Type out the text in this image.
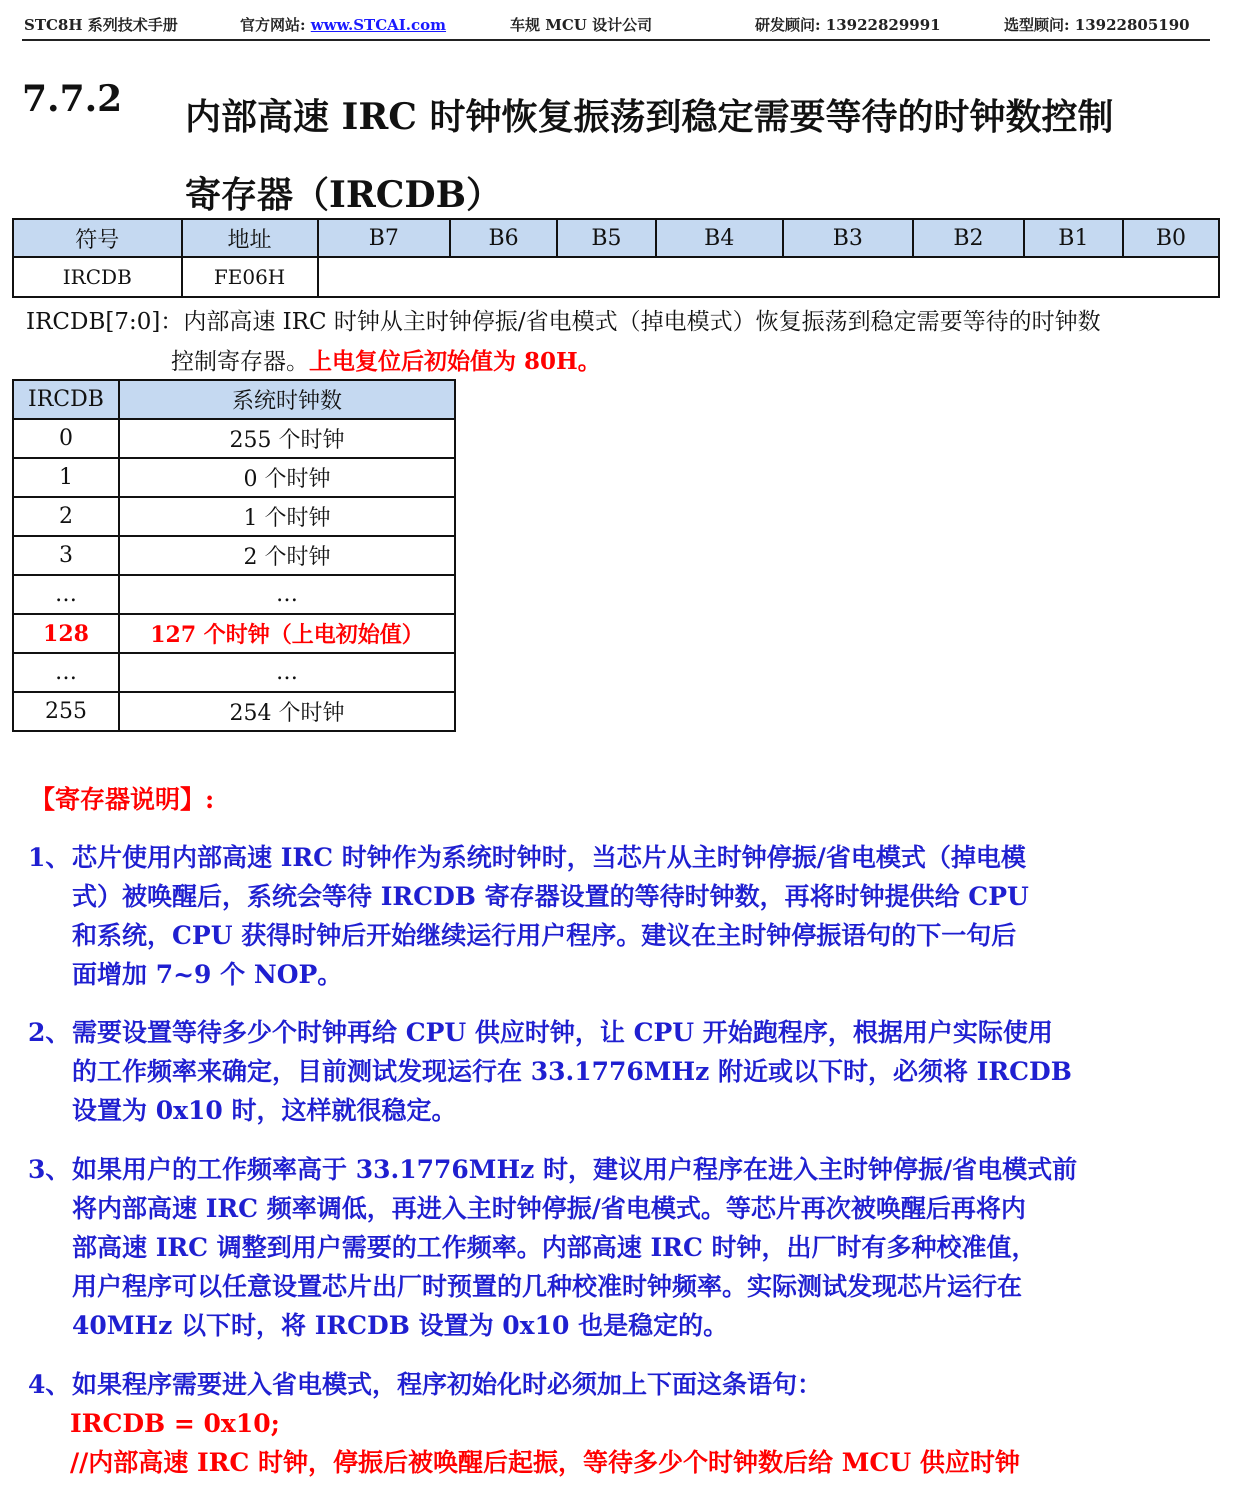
STC8H 系列技术手册	官方网站: www.STCAI.com	车规 MCU 设计公司	研发顾问: 13922829991	选型顾问: 13922805190
7.7.2 内部高速 IRC 时钟恢复振荡到稳定需要等待的时钟数控制
寄存器（IRCDB）
符号	地址	B7	B6	B5	B4	B3	B2	B1	B0
IRCDB	FE06H								
IRCDB[7:0]：内部高速 IRC 时钟从主时钟停振/省电模式（掉电模式）恢复振荡到稳定需要等待的时钟数
控制寄存器。上电复位后初始值为 80H。
IRCDB	系统时钟数
0	255 个时钟
1	0 个时钟
2	1 个时钟
3	2 个时钟
…	…
128	127 个时钟（上电初始值）
…	…
255	254 个时钟
【寄存器说明】:
1、芯片使用内部高速 IRC 时钟作为系统时钟时，当芯片从主时钟停振/省电模式（掉电模
式）被唤醒后，系统会等待 IRCDB 寄存器设置的等待时钟数，再将时钟提供给 CPU
和系统，CPU 获得时钟后开始继续运行用户程序。建议在主时钟停振语句的下一句后
面增加 7~9 个 NOP。
2、需要设置等待多少个时钟再给 CPU 供应时钟，让 CPU 开始跑程序，根据用户实际使用
的工作频率来确定，目前测试发现运行在 33.1776MHz 附近或以下时，必须将 IRCDB
设置为 0x10 时，这样就很稳定。
3、如果用户的工作频率高于 33.1776MHz 时，建议用户程序在进入主时钟停振/省电模式前
将内部高速 IRC 频率调低，再进入主时钟停振/省电模式。等芯片再次被唤醒后再将内
部高速 IRC 调整到用户需要的工作频率。内部高速 IRC 时钟，出厂时有多种校准值，
用户程序可以任意设置芯片出厂时预置的几种校准时钟频率。实际测试发现芯片运行在
40MHz 以下时，将 IRCDB 设置为 0x10 也是稳定的。
4、如果程序需要进入省电模式，程序初始化时必须加上下面这条语句：
IRCDB = 0x10;
//内部高速 IRC 时钟，停振后被唤醒后起振，等待多少个时钟数后给 MCU 供应时钟
